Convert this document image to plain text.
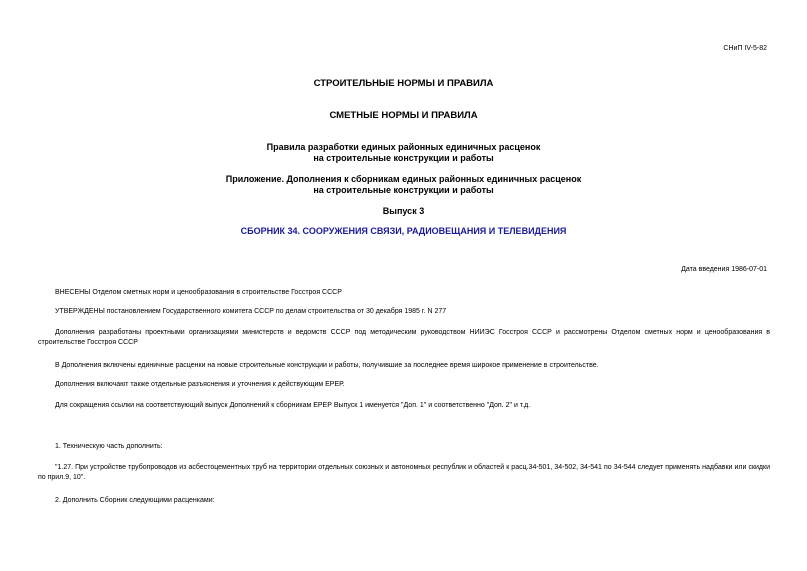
СНиП IV-5-82
СТРОИТЕЛЬНЫЕ НОРМЫ И ПРАВИЛА
СМЕТНЫЕ НОРМЫ И ПРАВИЛА
Правила разработки единых районных единичных расценок
на строительные конструкции и работы
Приложение. Дополнения к сборникам единых районных единичных расценок
на строительные конструкции и работы
Выпуск 3
СБОРНИК 34. СООРУЖЕНИЯ СВЯЗИ, РАДИОВЕЩАНИЯ И ТЕЛЕВИДЕНИЯ
Дата введения 1986-07-01
ВНЕСЕНЫ Отделом сметных норм и ценообразования в строительстве Госстроя СССР
УТВЕРЖДЕНЫ постановлением Государственного комитета СССР по делам строительства от 30 декабря 1985 г. N 277
Дополнения разработаны проектными организациями министерств и ведомств СССР под методическим руководством НИИЭС Госстроя СССР и рассмотрены Отделом сметных норм и ценообразования в строительстве Госстроя СССР
В Дополнения включены единичные расценки на новые строительные конструкции и работы, получившие за последнее время широкое применение в строительстве.
Дополнения включают также отдельные разъяснения и уточнения к действующим ЕРЕР.
Для сокращения ссылки на соответствующий выпуск Дополнений к сборникам ЕРЕР Выпуск 1 именуется "Доп. 1" и соответственно "Доп. 2" и т.д.
1. Техническую часть дополнить:
"1.27. При устройстве трубопроводов из асбестоцементных труб на территории отдельных союзных и автономных республик и областей к расц.34-501, 34-502, 34-541 по 34-544 следует применять надбавки или скидки по прил.9, 10".
2. Дополнить Сборник следующими расценками:
